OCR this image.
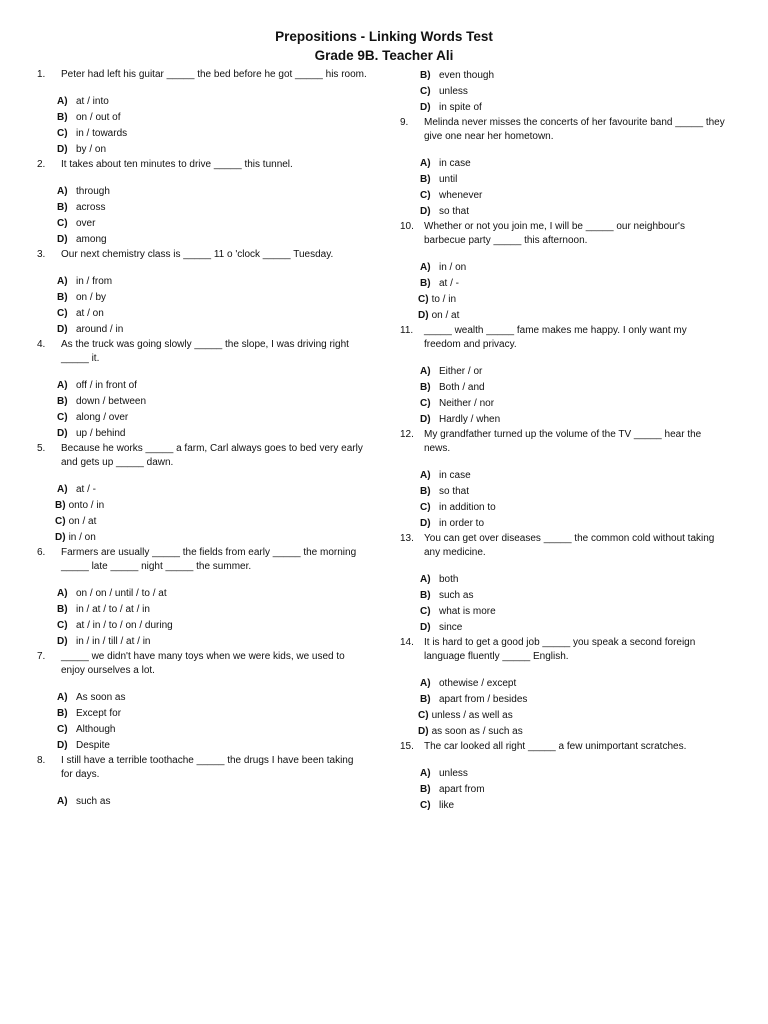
Prepositions - Linking Words Test
Grade 9B. Teacher Ali
1. Peter had left his guitar _____ the bed before he got _____ his room.
A) at / into
B) on / out of
C) in / towards
D) by / on
2. It takes about ten minutes to drive _____ this tunnel.
A) through
B) across
C) over
D) among
3. Our next chemistry class is _____ 11 o 'clock _____ Tuesday.
A) in / from
B) on / by
C) at / on
D) around / in
4. As the truck was going slowly _____ the slope, I was driving right _____ it.
A) off / in front of
B) down / between
C) along / over
D) up / behind
5. Because he works _____ a farm, Carl always goes to bed very early and gets up _____ dawn.
A) at / -
B) onto / in
C) on / at
D) in / on
6. Farmers are usually _____ the fields from early _____ the morning _____ late _____ night _____ the summer.
A) on / on / until / to / at
B) in / at / to / at / in
C) at / in / to / on / during
D) in / in / till / at / in
7. _____ we didn't have many toys when we were kids, we used to enjoy ourselves a lot.
A) As soon as
B) Except for
C) Although
D) Despite
8. I still have a terrible toothache _____ the drugs I have been taking for days.
A) such as
B) even though
C) unless
D) in spite of
9. Melinda never misses the concerts of her favourite band _____ they give one near her hometown.
A) in case
B) until
C) whenever
D) so that
10. Whether or not you join me, I will be _____ our neighbour's barbecue party _____ this afternoon.
A) in / on
B) at / -
C) to / in
D) on / at
11. _____ wealth _____ fame makes me happy. I only want my freedom and privacy.
A) Either / or
B) Both / and
C) Neither / nor
D) Hardly / when
12. My grandfather turned up the volume of the TV _____ hear the news.
A) in case
B) so that
C) in addition to
D) in order to
13. You can get over diseases _____ the common cold without taking any medicine.
A) both
B) such as
C) what is more
D) since
14. It is hard to get a good job _____ you speak a second foreign language fluently _____ English.
A) othewise / except
B) apart from / besides
C) unless / as well as
D) as soon as / such as
15. The car looked all right _____ a few unimportant scratches.
A) unless
B) apart from
C) like
